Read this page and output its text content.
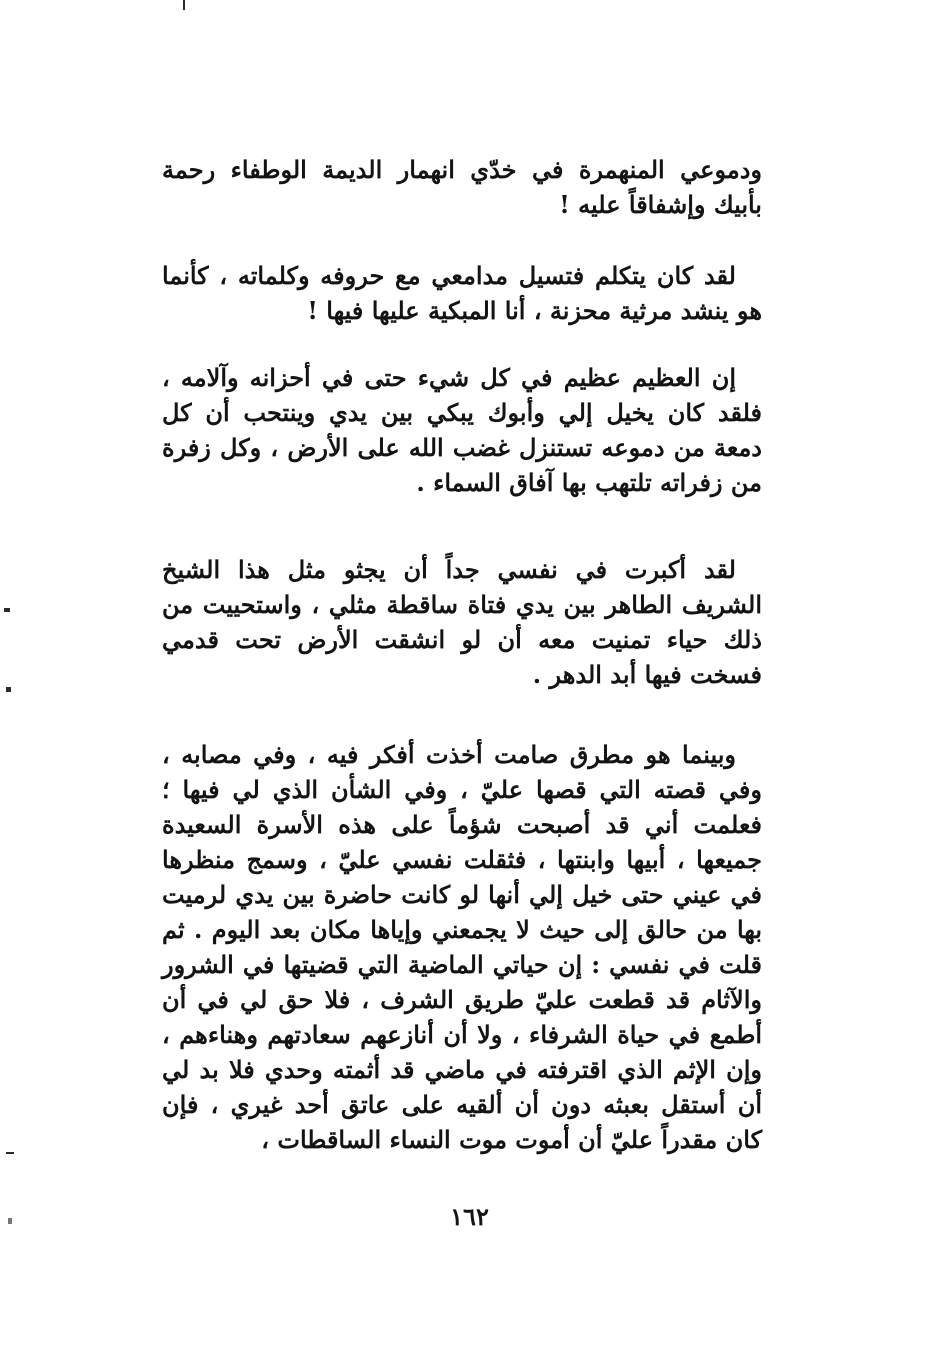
ودموعي المنهمرة في خدّي انهمار الديمة الوطفاء رحمة بأبيك وإشفاقاً عليه !

لقد كان يتكلم فتسيل مدامعي مع حروفه وكلماته ، كأنما هو ينشد مرثية محزنة ، أنا المبكية عليها فيها !

إن العظيم عظيم في كل شيء حتى في أحزانه وآلامه ، فلقد كان يخيل إلي وأبوك يبكي بين يدي وينتحب أن كل دمعة من دموعه تستنزل غضب الله على الأرض ، وكل زفرة من زفراته تلتهب بها آفاق السماء .

لقد أكبرت في نفسي جداً أن يجثو مثل هذا الشيخ الشريف الطاهر بين يدي فتاة ساقطة مثلي ، واستحييت من ذلك حياء تمنيت معه أن لو انشقت الأرض تحت قدمي فسخت فيها أبد الدهر .

وبينما هو مطرق صامت أخذت أفكر فيه ، وفي مصابه ، وفي قصته التي قصها عليّ ، وفي الشأن الذي لي فيها ؛ فعلمت أني قد أصبحت شؤماً على هذه الأسرة السعيدة جميعها ، أبيها وابنتها ، فثقلت نفسي عليّ ، وسمج منظرها في عيني حتى خيل إلي أنها لو كانت حاضرة بين يدي لرميت بها من حالق إلى حيث لا يجمعني وإياها مكان بعد اليوم . ثم قلت في نفسي : إن حياتي الماضية التي قضيتها في الشرور والآثام قد قطعت عليّ طريق الشرف ، فلا حق لي في أن أطمع في حياة الشرفاء ، ولا أن أنازعهم سعادتهم وهناءهم ، وإن الإثم الذي اقترفته في ماضي قد أثمته وحدي فلا بد لي أن أستقل بعبثه دون أن ألقيه على عاتق أحد غيري ، فإن كان مقدراً عليّ أن أموت موت النساء الساقطات ،

١٦٢
